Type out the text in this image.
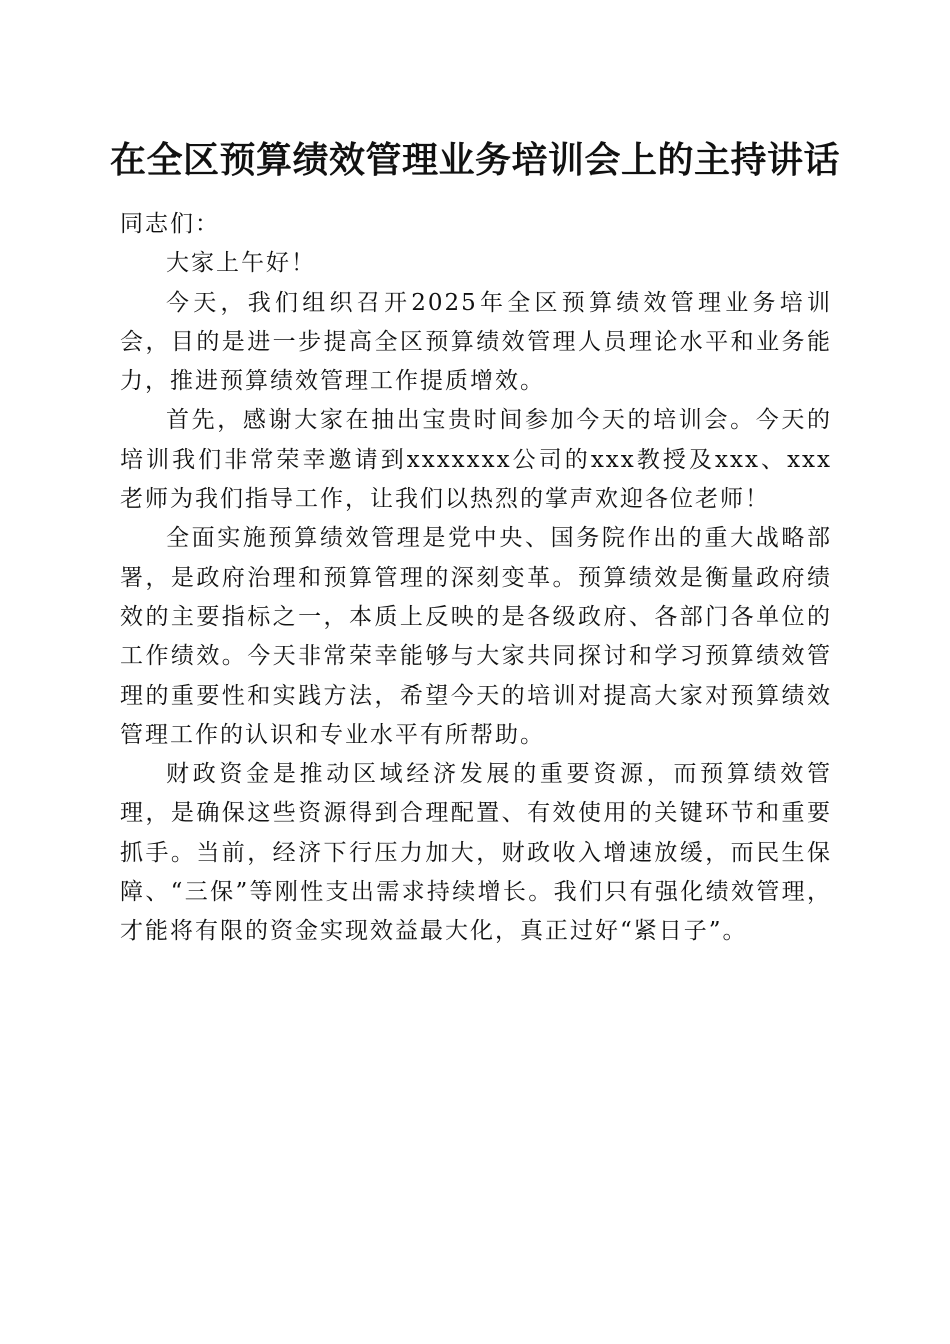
在全区预算绩效管理业务培训会上的主持讲话

同志们：

大家上午好！

今天，我们组织召开2025年全区预算绩效管理业务培训会，目的是进一步提高全区预算绩效管理人员理论水平和业务能力，推进预算绩效管理工作提质增效。

首先，感谢大家在抽出宝贵时间参加今天的培训会。今天的培训我们非常荣幸邀请到xxxxxxx公司的xxx教授及xxx、xxx老师为我们指导工作，让我们以热烈的掌声欢迎各位老师！

全面实施预算绩效管理是党中央、国务院作出的重大战略部署，是政府治理和预算管理的深刻变革。预算绩效是衡量政府绩效的主要指标之一，本质上反映的是各级政府、各部门各单位的工作绩效。今天非常荣幸能够与大家共同探讨和学习预算绩效管理的重要性和实践方法，希望今天的培训对提高大家对预算绩效管理工作的认识和专业水平有所帮助。

财政资金是推动区域经济发展的重要资源，而预算绩效管理，是确保这些资源得到合理配置、有效使用的关键环节和重要抓手。当前，经济下行压力加大，财政收入增速放缓，而民生保障、“三保”等刚性支出需求持续增长。我们只有强化绩效管理，才能将有限的资金实现效益最大化，真正过好“紧日子”。
